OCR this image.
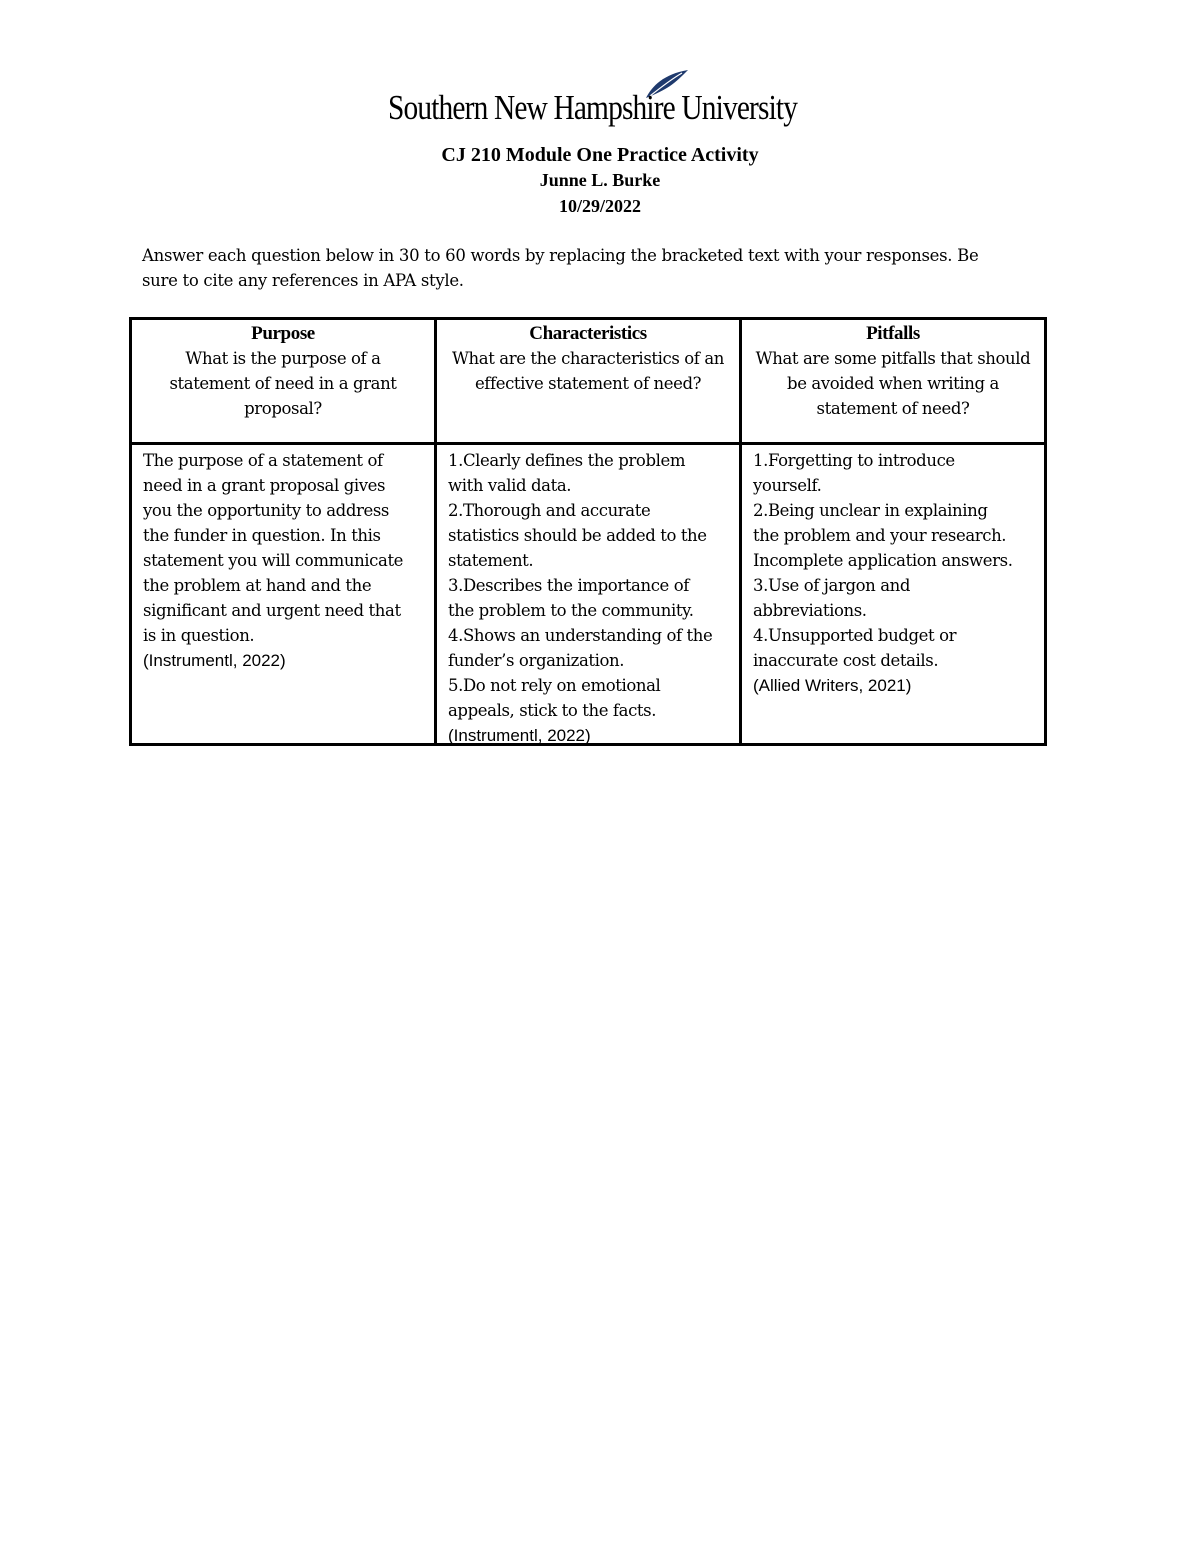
Southern New Hampshire University
CJ 210 Module One Practice Activity
Junne L. Burke
10/29/2022

Answer each question below in 30 to 60 words by replacing the bracketed text with your responses. Be

sure to cite any references in APA style.

Purpose
What is the purpose of a statement of need in a grant proposal?
Characteristics
What are the characteristics of an effective statement of need?
Pitfalls
What are some pitfalls that should be avoided when writing a statement of need?
The purpose of a statement of
need in a grant proposal gives
you the opportunity to address
the funder in question. In this
statement you will communicate
the problem at hand and the
significant and urgent need that
is in question.
(Instrumentl, 2022)
1.Clearly defines the problem
with valid data.
2.Thorough and accurate
statistics should be added to the
statement.
3.Describes the importance of
the problem to the community.
4.Shows an understanding of the
funder’s organization.
5.Do not rely on emotional
appeals, stick to the facts.
(Instrumentl, 2022)
1.Forgetting to introduce
yourself.
2.Being unclear in explaining
the problem and your research.
Incomplete application answers.
3.Use of jargon and
abbreviations.
4.Unsupported budget or
inaccurate cost details.
(Allied Writers, 2021)
